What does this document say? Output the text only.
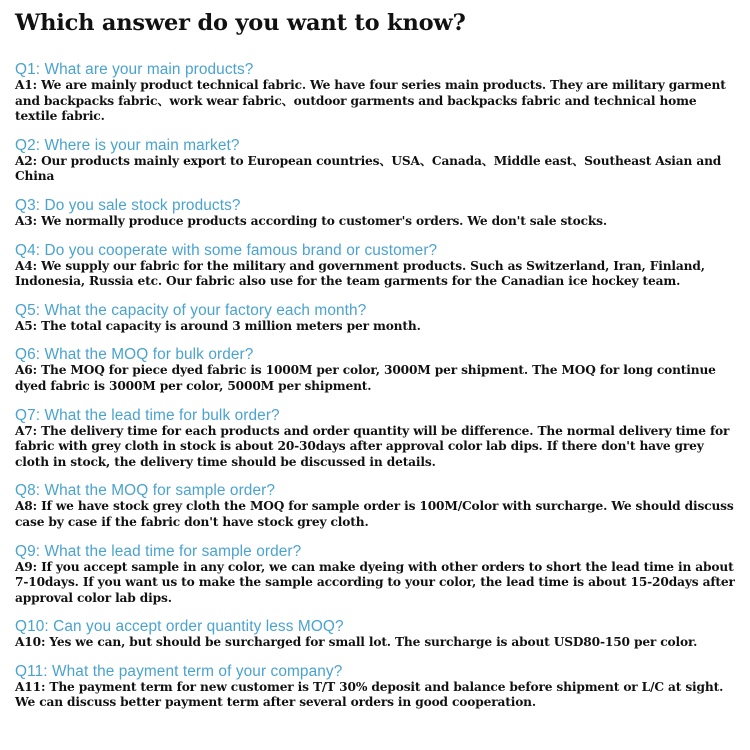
Which answer do you want to know?

Q1: What are your main products?

A1: We are mainly product technical fabric. We have four series main products. They are military garment and backpacks fabric、work wear fabric、outdoor garments and backpacks fabric and technical home textile fabric.

Q2: Where is your main market?

A2: Our products mainly export to European countries、USA、Canada、Middle east、Southeast Asian and China

Q3: Do you sale stock products?

A3: We normally produce products according to customer's orders. We don't sale stocks.

Q4: Do you cooperate with some famous brand or customer?

A4: We supply our fabric for the military and government products. Such as Switzerland, Iran, Finland, Indonesia, Russia etc. Our fabric also use for the team garments for the Canadian ice hockey team.

Q5: What the capacity of your factory each month?

A5: The total capacity is around 3 million meters per month.

Q6: What the MOQ for bulk order?

A6: The MOQ for piece dyed fabric is 1000M per color, 3000M per shipment. The MOQ for long continue dyed fabric is 3000M per color, 5000M per shipment.

Q7: What the lead time for bulk order?

A7: The delivery time for each products and order quantity will be difference. The normal delivery time for fabric with grey cloth in stock is about 20-30days after approval color lab dips. If there don't have grey cloth in stock, the delivery time should be discussed in details.

Q8: What the MOQ for sample order?

A8: If we have stock grey cloth the MOQ for sample order is 100M/Color with surcharge. We should discuss case by case if the fabric don't have stock grey cloth.

Q9: What the lead time for sample order?

A9: If you accept sample in any color, we can make dyeing with other orders to short the lead time in about 7-10days. If you want us to make the sample according to your color, the lead time is about 15-20days after approval color lab dips.

Q10: Can you accept order quantity less MOQ?

A10: Yes we can, but should be surcharged for small lot. The surcharge is about USD80-150 per color.

Q11: What the payment term of your company?

A11: The payment term for new customer is T/T 30% deposit and balance before shipment or L/C at sight. We can discuss better payment term after several orders in good cooperation.
